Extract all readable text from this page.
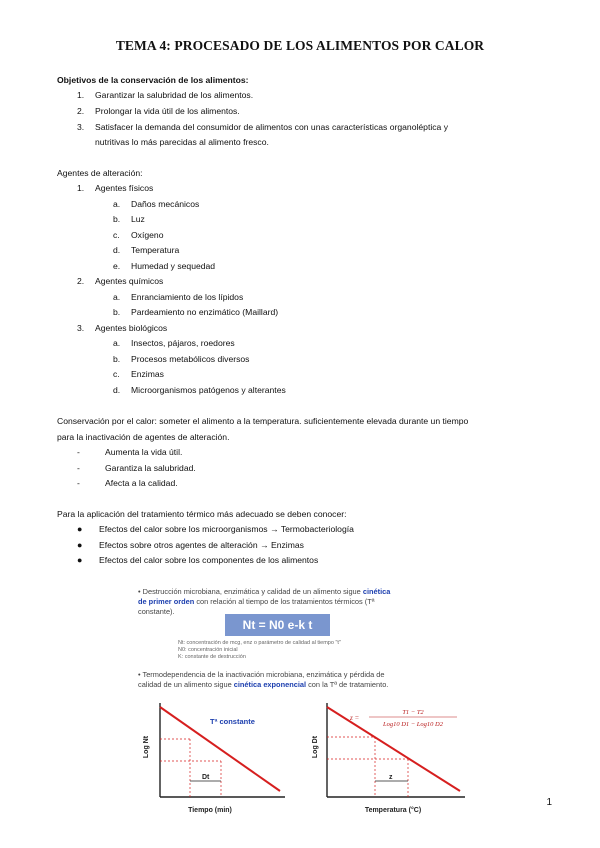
TEMA 4: PROCESADO DE LOS ALIMENTOS POR CALOR
Objetivos de la conservación de los alimentos:
1. Garantizar la salubridad de los alimentos.
2. Prolongar la vida útil de los alimentos.
3. Satisfacer la demanda del consumidor de alimentos con unas características organoléptica y
nutritivas lo más parecidas al alimento fresco.
Agentes de alteración:
1. Agentes físicos
a. Daños mecánicos
b. Luz
c. Oxígeno
d. Temperatura
e. Humedad y sequedad
2. Agentes químicos
a. Enranciamiento de los lípidos
b. Pardeamiento no enzimático (Maillard)
3. Agentes biológicos
a. Insectos, pájaros, roedores
b. Procesos metabólicos diversos
c. Enzimas
d. Microorganismos patógenos y alterantes
Conservación por el calor: someter el alimento a la temperatura. suficientemente elevada durante un tiempo
para la inactivación de agentes de alteración.
-	Aumenta la vida útil.
-	Garantiza la salubridad.
-	Afecta a la calidad.
Para la aplicación del tratamiento térmico más adecuado se deben conocer:
● Efectos del calor sobre los microorganismos → Termobacteriología
● Efectos sobre otros agentes de alteración → Enzimas
● Efectos del calor sobre los componentes de los alimentos
• Destrucción microbiana, enzimática y calidad de un alimento sigue cinética
de primer orden con relación al tiempo de los tratamientos térmicos (Tª
constante).
Nt = N0 e-k t
Nt: concentración de mcg, enz o parámetro de calidad al tiempo "t"
N0: concentración inicial
K: constante de destrucción
• Termodependencia de la inactivación microbiana, enzimática y pérdida de
calidad de un alimento sigue cinética exponencial con la Tª de tratamiento.
Dt
Tª constante
Log Nt
Tiempo (min)
z
z =
T1 − T2
Log10 D1 − Log10 D2
Log Dt
Temperatura (°C)
1
